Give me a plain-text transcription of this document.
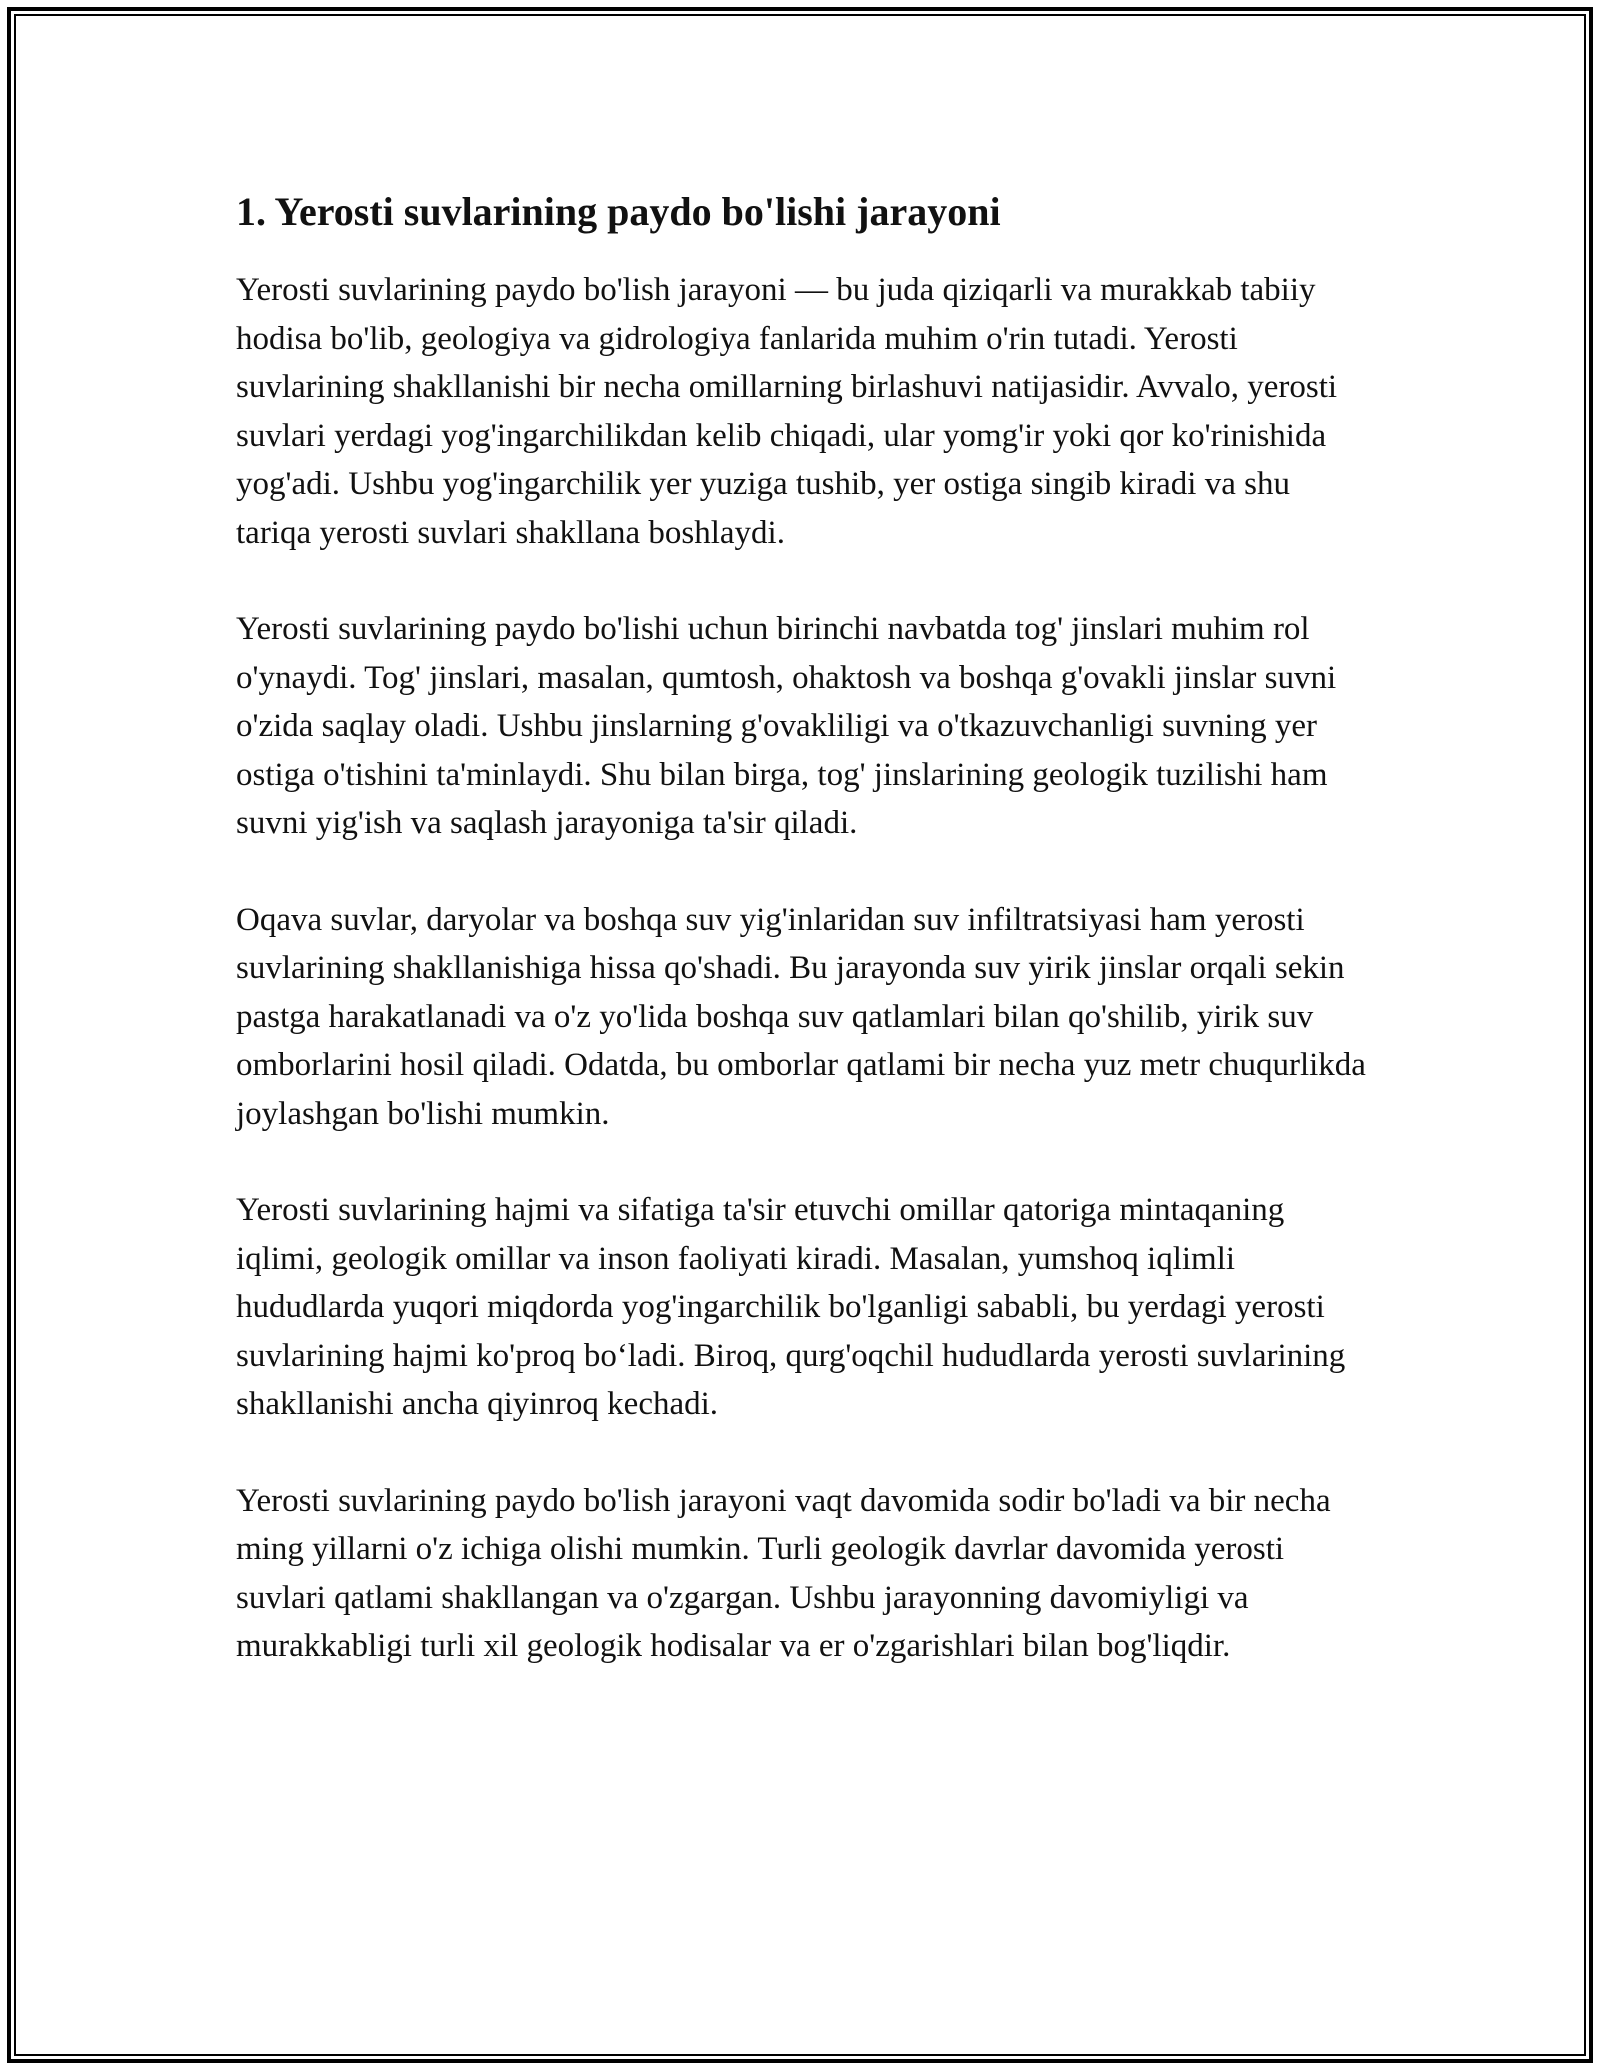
1. Yerosti suvlarining paydo bo'lishi jarayoni

Yerosti suvlarining paydo bo'lish jarayoni — bu juda qiziqarli va murakkab tabiiy hodisa bo'lib, geologiya va gidrologiya fanlarida muhim o'rin tutadi. Yerosti suvlarining shakllanishi bir necha omillarning birlashuvi natijasidir. Avvalo, yerosti suvlari yerdagi yog'ingarchilikdan kelib chiqadi, ular yomg'ir yoki qor ko'rinishida yog'adi. Ushbu yog'ingarchilik yer yuziga tushib, yer ostiga singib kiradi va shu tariqa yerosti suvlari shakllana boshlaydi.

Yerosti suvlarining paydo bo'lishi uchun birinchi navbatda tog' jinslari muhim rol o'ynaydi. Tog' jinslari, masalan, qumtosh, ohaktosh va boshqa g'ovakli jinslar suvni o'zida saqlay oladi. Ushbu jinslarning g'ovakliligi va o'tkazuvchanligi suvning yer ostiga o'tishini ta'minlaydi. Shu bilan birga, tog' jinslarining geologik tuzilishi ham suvni yig'ish va saqlash jarayoniga ta'sir qiladi.

Oqava suvlar, daryolar va boshqa suv yig'inlaridan suv infiltratsiyasi ham yerosti suvlarining shakllanishiga hissa qo'shadi. Bu jarayonda suv yirik jinslar orqali sekin pastga harakatlanadi va o'z yo'lida boshqa suv qatlamlari bilan qo'shilib, yirik suv omborlarini hosil qiladi. Odatda, bu omborlar qatlami bir necha yuz metr chuqurlikda joylashgan bo'lishi mumkin.

Yerosti suvlarining hajmi va sifatiga ta'sir etuvchi omillar qatoriga mintaqaning iqlimi, geologik omillar va inson faoliyati kiradi. Masalan, yumshoq iqlimli hududlarda yuqori miqdorda yog'ingarchilik bo'lganligi sababli, bu yerdagi yerosti suvlarining hajmi ko'proq bo‘ladi. Biroq, qurg'oqchil hududlarda yerosti suvlarining shakllanishi ancha qiyinroq kechadi.

Yerosti suvlarining paydo bo'lish jarayoni vaqt davomida sodir bo'ladi va bir necha ming yillarni o'z ichiga olishi mumkin. Turli geologik davrlar davomida yerosti suvlari qatlami shakllangan va o'zgargan. Ushbu jarayonning davomiyligi va murakkabligi turli xil geologik hodisalar va er o'zgarishlari bilan bog'liqdir.
